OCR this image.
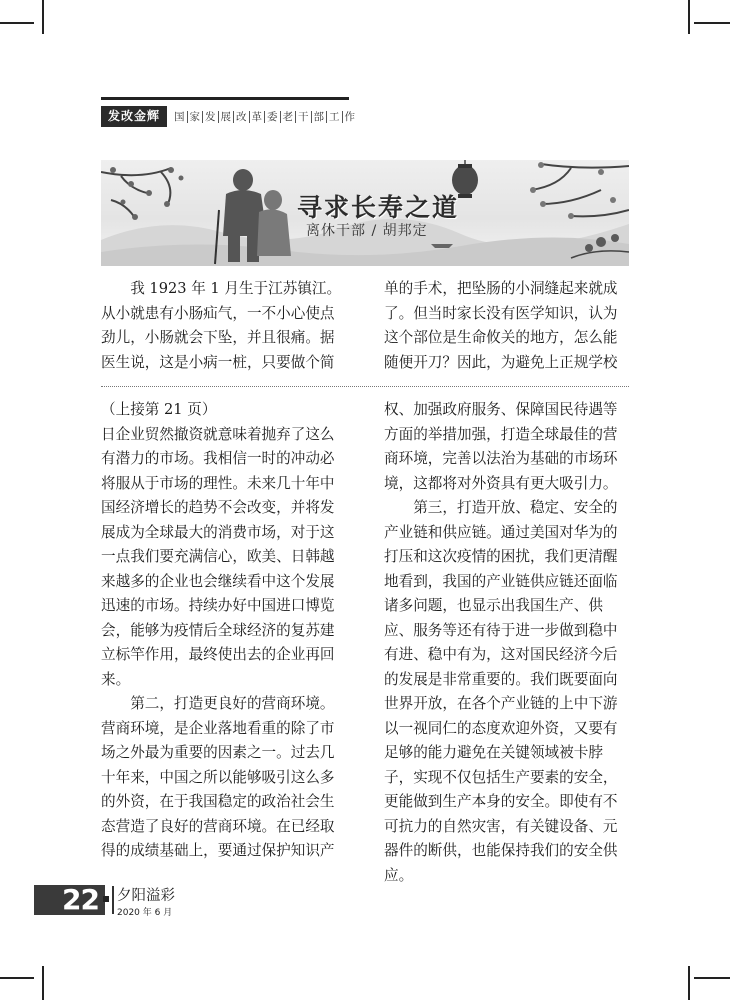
发改金辉	国 家 发 展 改 革 委 老 干 部 工 作
寻求长寿之道
离休干部 / 胡邦定

我 1923 年 1 月生于江苏镇江。从小就患有小肠疝气，一不小心使点劲儿，小肠就会下坠，并且很痛。据医生说，这是小病一桩，只要做个简

单的手术，把坠肠的小洞缝起来就成了。但当时家长没有医学知识，认为这个部位是生命攸关的地方，怎么能随便开刀？因此，为避免上正规学校

（上接第 21 页）

日企业贸然撤资就意味着抛弃了这么有潜力的市场。我相信一时的冲动必将服从于市场的理性。未来几十年中国经济增长的趋势不会改变，并将发展成为全球最大的消费市场，对于这一点我们要充满信心，欧美、日韩越来越多的企业也会继续看中这个发展迅速的市场。持续办好中国进口博览会，能够为疫情后全球经济的复苏建立标竿作用，最终使出去的企业再回来。

第二，打造更良好的营商环境。营商环境，是企业落地看重的除了市场之外最为重要的因素之一。过去几十年来，中国之所以能够吸引这么多的外资，在于我国稳定的政治社会生态营造了良好的营商环境。在已经取得的成绩基础上，要通过保护知识产

权、加强政府服务、保障国民待遇等方面的举措加强，打造全球最佳的营商环境，完善以法治为基础的市场环境，这都将对外资具有更大吸引力。

第三，打造开放、稳定、安全的产业链和供应链。通过美国对华为的打压和这次疫情的困扰，我们更清醒地看到，我国的产业链供应链还面临诸多问题，也显示出我国生产、供应、服务等还有待于进一步做到稳中有进、稳中有为，这对国民经济今后的发展是非常重要的。我们既要面向世界开放，在各个产业链的上中下游以一视同仁的态度欢迎外资，又要有足够的能力避免在关键领域被卡脖子，实现不仅包括生产要素的安全，更能做到生产本身的安全。即使有不可抗力的自然灾害，有关键设备、元器件的断供，也能保持我们的安全供应。

22 夕阳溢彩
2020 年 6 月
